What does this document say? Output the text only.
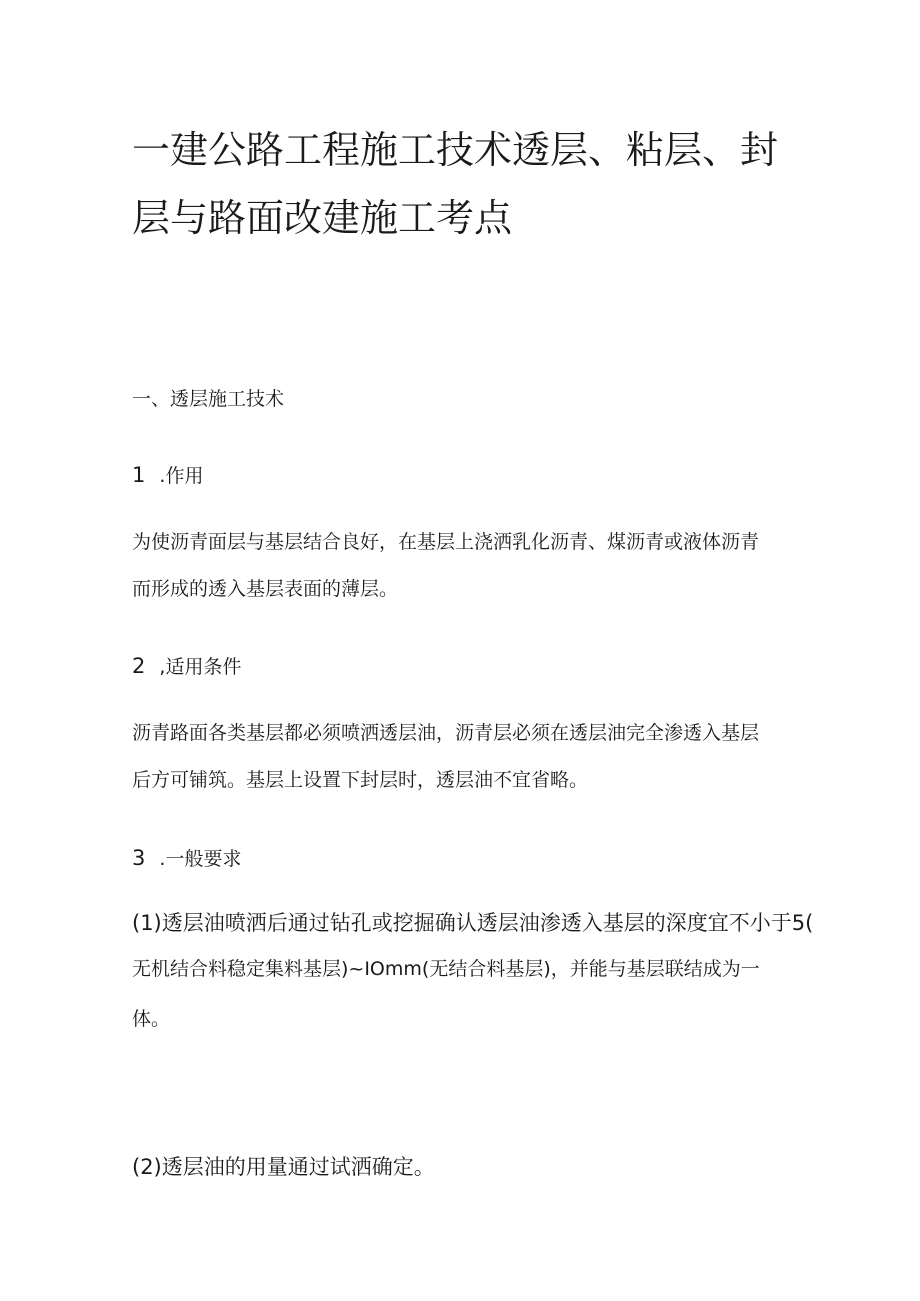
一建公路工程施工技术透层、粘层、封
层与路面改建施工考点

一、透层施工技术

1 .作用

为使沥青面层与基层结合良好，在基层上浇洒乳化沥青、煤沥青或液体沥青

而形成的透入基层表面的薄层。

2 ,适用条件

沥青路面各类基层都必须喷洒透层油，沥青层必须在透层油完全渗透入基层

后方可铺筑。基层上设置下封层时，透层油不宜省略。

3 .一般要求

(1)透层油喷洒后通过钻孔或挖掘确认透层油渗透入基层的深度宜不小于5(

无机结合料稳定集料基层)~IOmm(无结合料基层)，并能与基层联结成为一

体。

(2)透层油的用量通过试洒确定。
